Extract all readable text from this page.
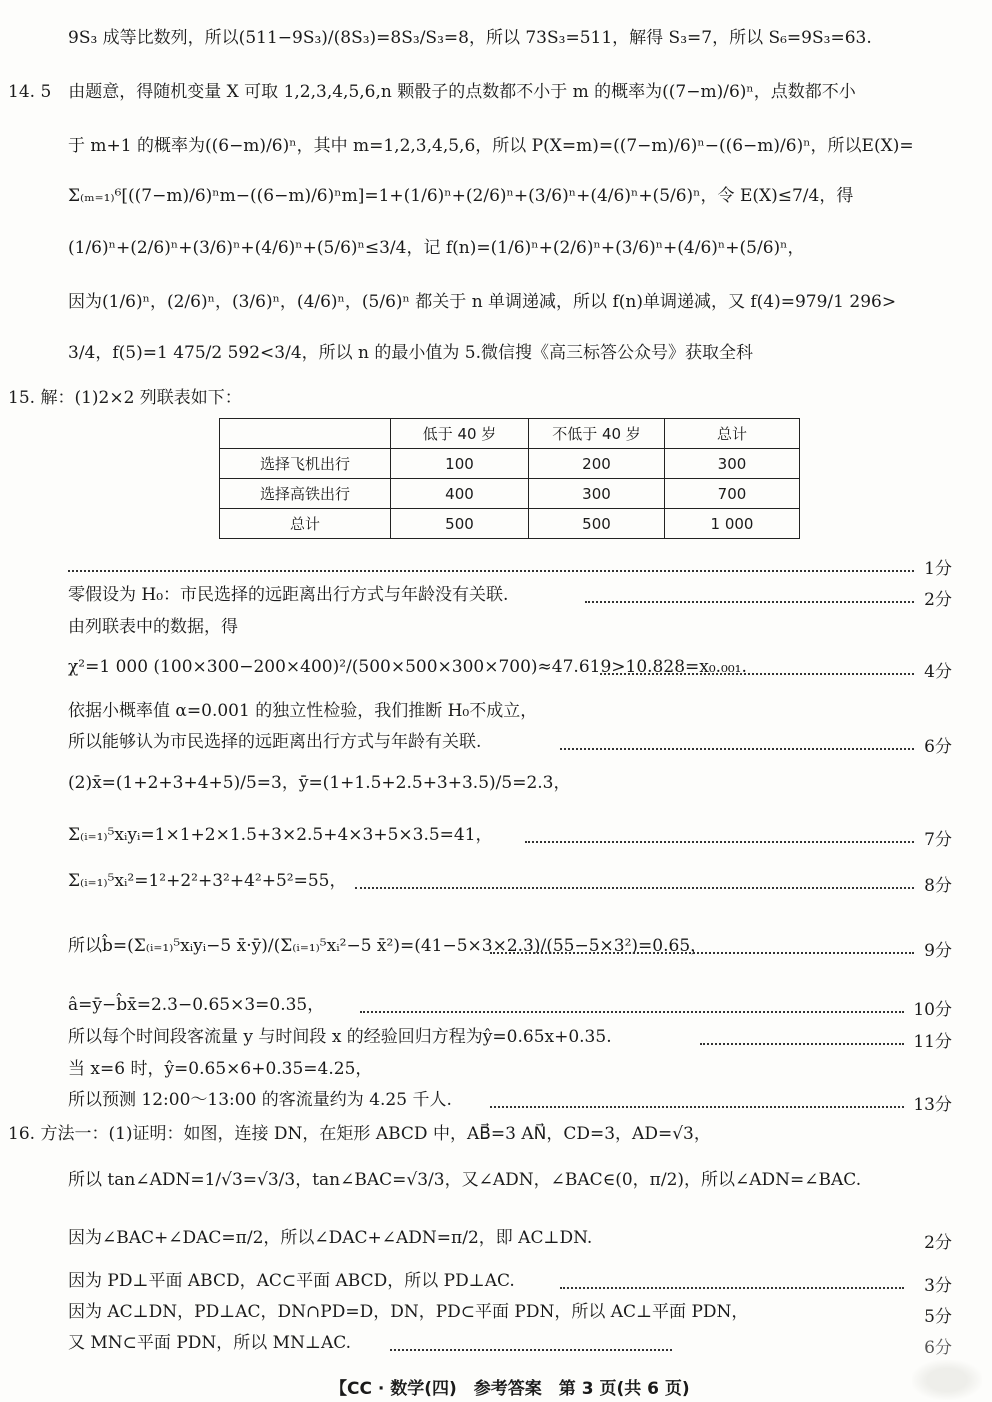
9S₃ 成等比数列，所以(511−9S₃)/(8S₃)=8S₃/S₃=8，所以 73S₃=511，解得 S₃=7，所以 S₆=9S₃=63.
14. 5　由题意，得随机变量 X 可取 1,2,3,4,5,6,n 颗骰子的点数都不小于 m 的概率为((7−m)/6)ⁿ，点数都不小
于 m+1 的概率为((6−m)/6)ⁿ，其中 m=1,2,3,4,5,6，所以 P(X=m)=((7−m)/6)ⁿ−((6−m)/6)ⁿ，所以E(X)=
Σ₍ₘ₌₁₎⁶[((7−m)/6)ⁿm−((6−m)/6)ⁿm]=1+(1/6)ⁿ+(2/6)ⁿ+(3/6)ⁿ+(4/6)ⁿ+(5/6)ⁿ，令 E(X)≤7/4，得
(1/6)ⁿ+(2/6)ⁿ+(3/6)ⁿ+(4/6)ⁿ+(5/6)ⁿ≤3/4，记 f(n)=(1/6)ⁿ+(2/6)ⁿ+(3/6)ⁿ+(4/6)ⁿ+(5/6)ⁿ，
因为(1/6)ⁿ，(2/6)ⁿ，(3/6)ⁿ，(4/6)ⁿ，(5/6)ⁿ 都关于 n 单调递减，所以 f(n)单调递减，又 f(4)=979/1 296>
3/4，f(5)=1 475/2 592<3/4，所以 n 的最小值为 5.微信搜《高三标答公众号》获取全科
15. 解：(1)2×2 列联表如下：
	低于 40 岁	不低于 40 岁	总计
选择飞机出行	100	200	300
选择高铁出行	400	300	700
总计	500	500	1 000
1分
零假设为 H₀：市民选择的远距离出行方式与年龄没有关联.	2分
由列联表中的数据，得
χ²=1 000 (100×300−200×400)²/(500×500×300×700)≈47.619>10.828=x₀.₀₀₁.	4分
依据小概率值 α=0.001 的独立性检验，我们推断 H₀不成立，
所以能够认为市民选择的远距离出行方式与年龄有关联.	6分
(2)x̄=(1+2+3+4+5)/5=3，ȳ=(1+1.5+2.5+3+3.5)/5=2.3，
Σ₍ᵢ₌₁₎⁵xᵢyᵢ=1×1+2×1.5+3×2.5+4×3+5×3.5=41，	7分
Σ₍ᵢ₌₁₎⁵xᵢ²=1²+2²+3²+4²+5²=55，	8分
所以b̂=(Σ₍ᵢ₌₁₎⁵xᵢyᵢ−5 x̄·ȳ)/(Σ₍ᵢ₌₁₎⁵xᵢ²−5 x̄²)=(41−5×3×2.3)/(55−5×3²)=0.65，	9分
â=ȳ−b̂x̄=2.3−0.65×3=0.35，	10分
所以每个时间段客流量 y 与时间段 x 的经验回归方程为ŷ=0.65x+0.35.	11分
当 x=6 时，ŷ=0.65×6+0.35=4.25，
所以预测 12:00～13:00 的客流量约为 4.25 千人.	13分
16. 方法一：(1)证明：如图，连接 DN，在矩形 ABCD 中，AB⃗=3 AN⃗，CD=3，AD=√3，
所以 tan∠ADN=1/√3=√3/3，tan∠BAC=√3/3，又∠ADN，∠BAC∈(0，π/2)，所以∠ADN=∠BAC.
因为∠BAC+∠DAC=π/2，所以∠DAC+∠ADN=π/2，即 AC⊥DN.	2分
因为 PD⊥平面 ABCD，AC⊂平面 ABCD，所以 PD⊥AC.	3分
因为 AC⊥DN，PD⊥AC，DN∩PD=D，DN，PD⊂平面 PDN，所以 AC⊥平面 PDN，	5分
又 MN⊂平面 PDN，所以 MN⊥AC.	6分
【CC · 数学(四)　参考答案　第 3 页(共 6 页)
